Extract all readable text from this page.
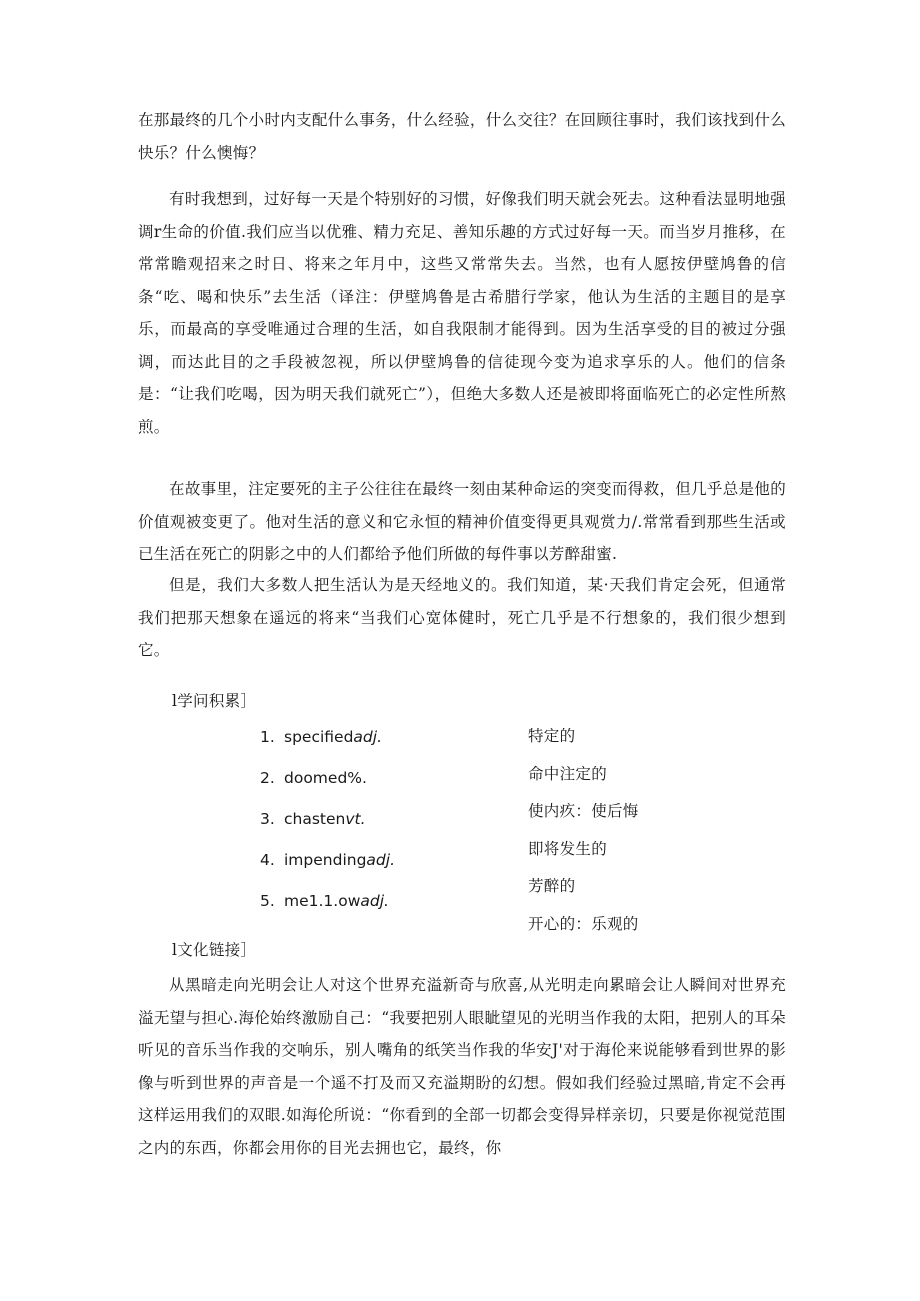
在那最终的几个小时内支配什么事务，什么经验，什么交往？在回顾往事时，我们该找到什么快乐？什么懊悔？

有时我想到，过好每一天是个特别好的习惯，好像我们明天就会死去。这种看法显明地强调r生命的价值.我们应当以优雅、精力充足、善知乐趣的方式过好每一天。而当岁月推移，在常常瞻观招来之时日、将来之年月中，这些又常常失去。当然，也有人愿按伊壁鸠鲁的信条“吃、喝和快乐”去生活（译注：伊壁鸠鲁是古希腊行学家，他认为生活的主题目的是享乐，而最高的享受唯通过合理的生活，如自我限制才能得到。因为生活享受的目的被过分强调，而达此目的之手段被忽视，所以伊壁鸠鲁的信徒现今变为追求享乐的人。他们的信条是：“让我们吃喝，因为明天我们就死亡”），但绝大多数人还是被即将面临死亡的必定性所熬煎。

在故事里，注定要死的主子公往往在最终一刻由某种命运的突变而得救，但几乎总是他的价值观被变更了。他对生活的意义和它永恒的精神价值变得更具观赏力/.常常看到那些生活或已生活在死亡的阴影之中的人们都给予他们所做的每件事以芳醉甜蜜.

但是，我们大多数人把生活认为是天经地义的。我们知道，某·天我们肯定会死，但通常我们把那天想象在遥远的将来“当我们心宽体健时，死亡几乎是不行想象的，我们很少想到它。

l学问积累］
1. specifiedadj.
2. doomed%.
3. chastenvt.
4. impendingadj.
5. me1.1.owadj.
特定的
命中注定的
使内疚：使后悔
即将发生的
芳醉的
开心的：乐观的
l文化链接］

从黑暗走向光明会让人对这个世界充溢新奇与欣喜,从光明走向累暗会让人瞬间对世界充溢无望与担心.海伦始终激励自己：“我要把别人眼眦望见的光明当作我的太阳，把别人的耳朵听见的音乐当作我的交响乐，别人嘴角的纸笑当作我的华安J'对于海伦来说能够看到世界的影像与听到世界的声音是一个遥不打及而又充溢期盼的幻想。假如我们经验过黑暗,肯定不会再这样运用我们的双眼.如海伦所说：“你看到的全部一切都会变得异样亲切，只要是你视觉范围之内的东西，你都会用你的目光去拥也它，最终，你
